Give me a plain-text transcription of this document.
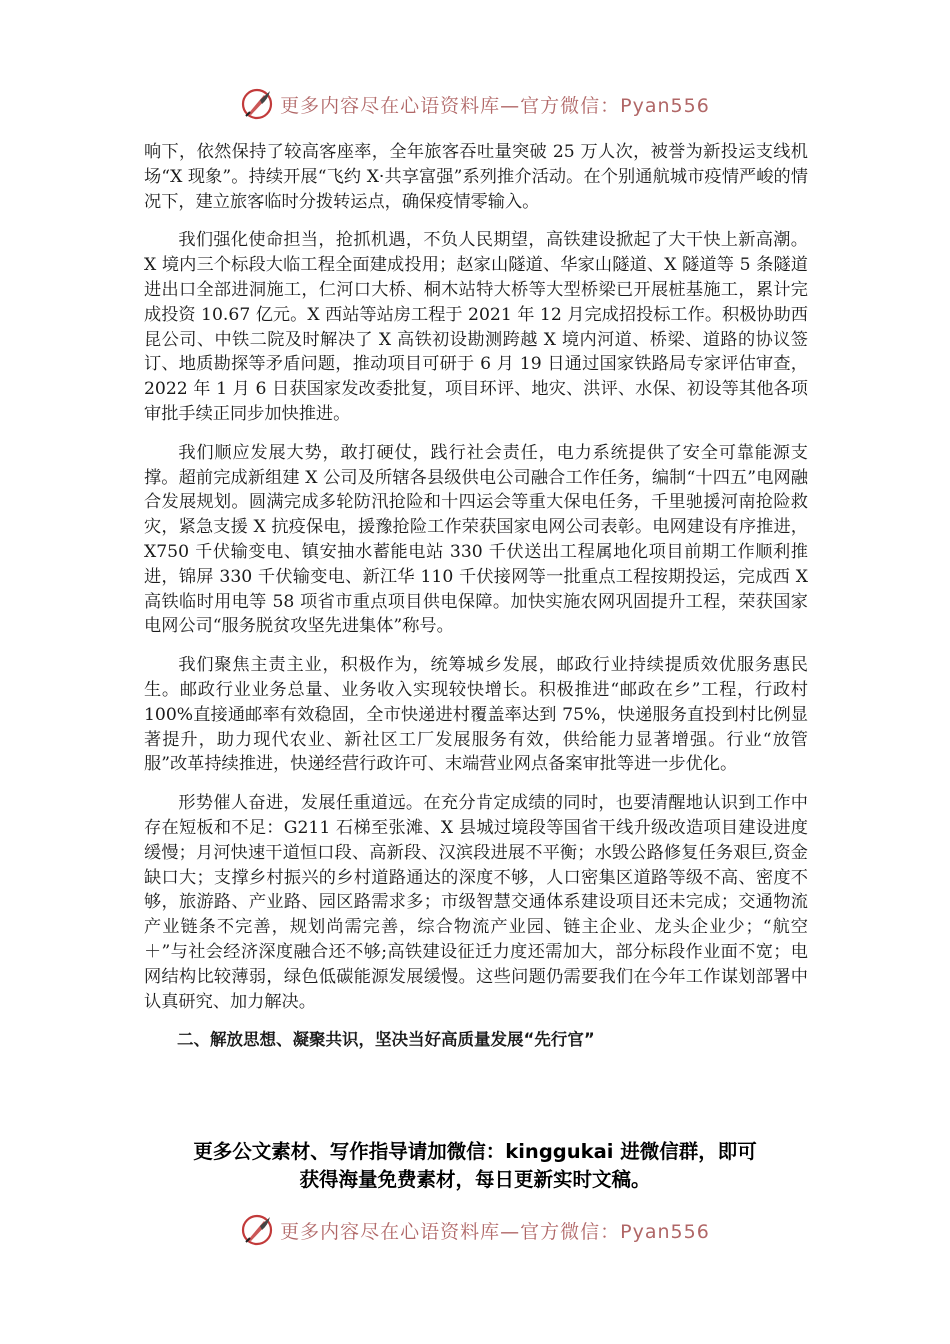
更多内容尽在心语资料库—官方微信：Pyan556

响下，依然保持了较高客座率，全年旅客吞吐量突破 25 万人次，被誉为新投运支线机场“X 现象”。持续开展“飞约 X·共享富强”系列推介活动。在个别通航城市疫情严峻的情况下，建立旅客临时分拨转运点，确保疫情零输入。

我们强化使命担当，抢抓机遇，不负人民期望，高铁建设掀起了大干快上新高潮。X 境内三个标段大临工程全面建成投用；赵家山隧道、华家山隧道、X 隧道等 5 条隧道进出口全部进洞施工，仁河口大桥、桐木站特大桥等大型桥梁已开展桩基施工，累计完成投资 10.67 亿元。X 西站等站房工程于 2021 年 12 月完成招投标工作。积极协助西昆公司、中铁二院及时解决了 X 高铁初设勘测跨越 X 境内河道、桥梁、道路的协议签订、地质勘探等矛盾问题，推动项目可研于 6 月 19 日通过国家铁路局专家评估审查，2022 年 1 月 6 日获国家发改委批复，项目环评、地灾、洪评、水保、初设等其他各项审批手续正同步加快推进。

我们顺应发展大势，敢打硬仗，践行社会责任，电力系统提供了安全可靠能源支撑。超前完成新组建 X 公司及所辖各县级供电公司融合工作任务，编制“十四五”电网融合发展规划。圆满完成多轮防汛抢险和十四运会等重大保电任务，千里驰援河南抢险救灾，紧急支援 X 抗疫保电，援豫抢险工作荣获国家电网公司表彰。电网建设有序推进，X750 千伏输变电、镇安抽水蓄能电站 330 千伏送出工程属地化项目前期工作顺利推进，锦屏 330 千伏输变电、新江华 110 千伏接网等一批重点工程按期投运，完成西 X 高铁临时用电等 58 项省市重点项目供电保障。加快实施农网巩固提升工程，荣获国家电网公司“服务脱贫攻坚先进集体”称号。

我们聚焦主责主业，积极作为，统筹城乡发展，邮政行业持续提质效优服务惠民生。邮政行业业务总量、业务收入实现较快增长。积极推进“邮政在乡”工程，行政村 100%直接通邮率有效稳固，全市快递进村覆盖率达到 75%，快递服务直投到村比例显著提升，助力现代农业、新社区工厂发展服务有效，供给能力显著增强。行业“放管服”改革持续推进，快递经营行政许可、末端营业网点备案审批等进一步优化。

形势催人奋进，发展任重道远。在充分肯定成绩的同时，也要清醒地认识到工作中存在短板和不足：G211 石梯至张滩、X 县城过境段等国省干线升级改造项目建设进度缓慢；月河快速干道恒口段、高新段、汉滨段进展不平衡；水毁公路修复任务艰巨,资金缺口大；支撑乡村振兴的乡村道路通达的深度不够，人口密集区道路等级不高、密度不够，旅游路、产业路、园区路需求多；市级智慧交通体系建设项目还未完成；交通物流产业链条不完善，规划尚需完善，综合物流产业园、链主企业、龙头企业少；“航空＋”与社会经济深度融合还不够;高铁建设征迁力度还需加大，部分标段作业面不宽；电网结构比较薄弱，绿色低碳能源发展缓慢。这些问题仍需要我们在今年工作谋划部署中认真研究、加力解决。

二、解放思想、凝聚共识，坚决当好高质量发展“先行官”

更多公文素材、写作指导请加微信：kinggukai 进微信群，即可
获得海量免费素材，每日更新实时文稿。
更多内容尽在心语资料库—官方微信：Pyan556
